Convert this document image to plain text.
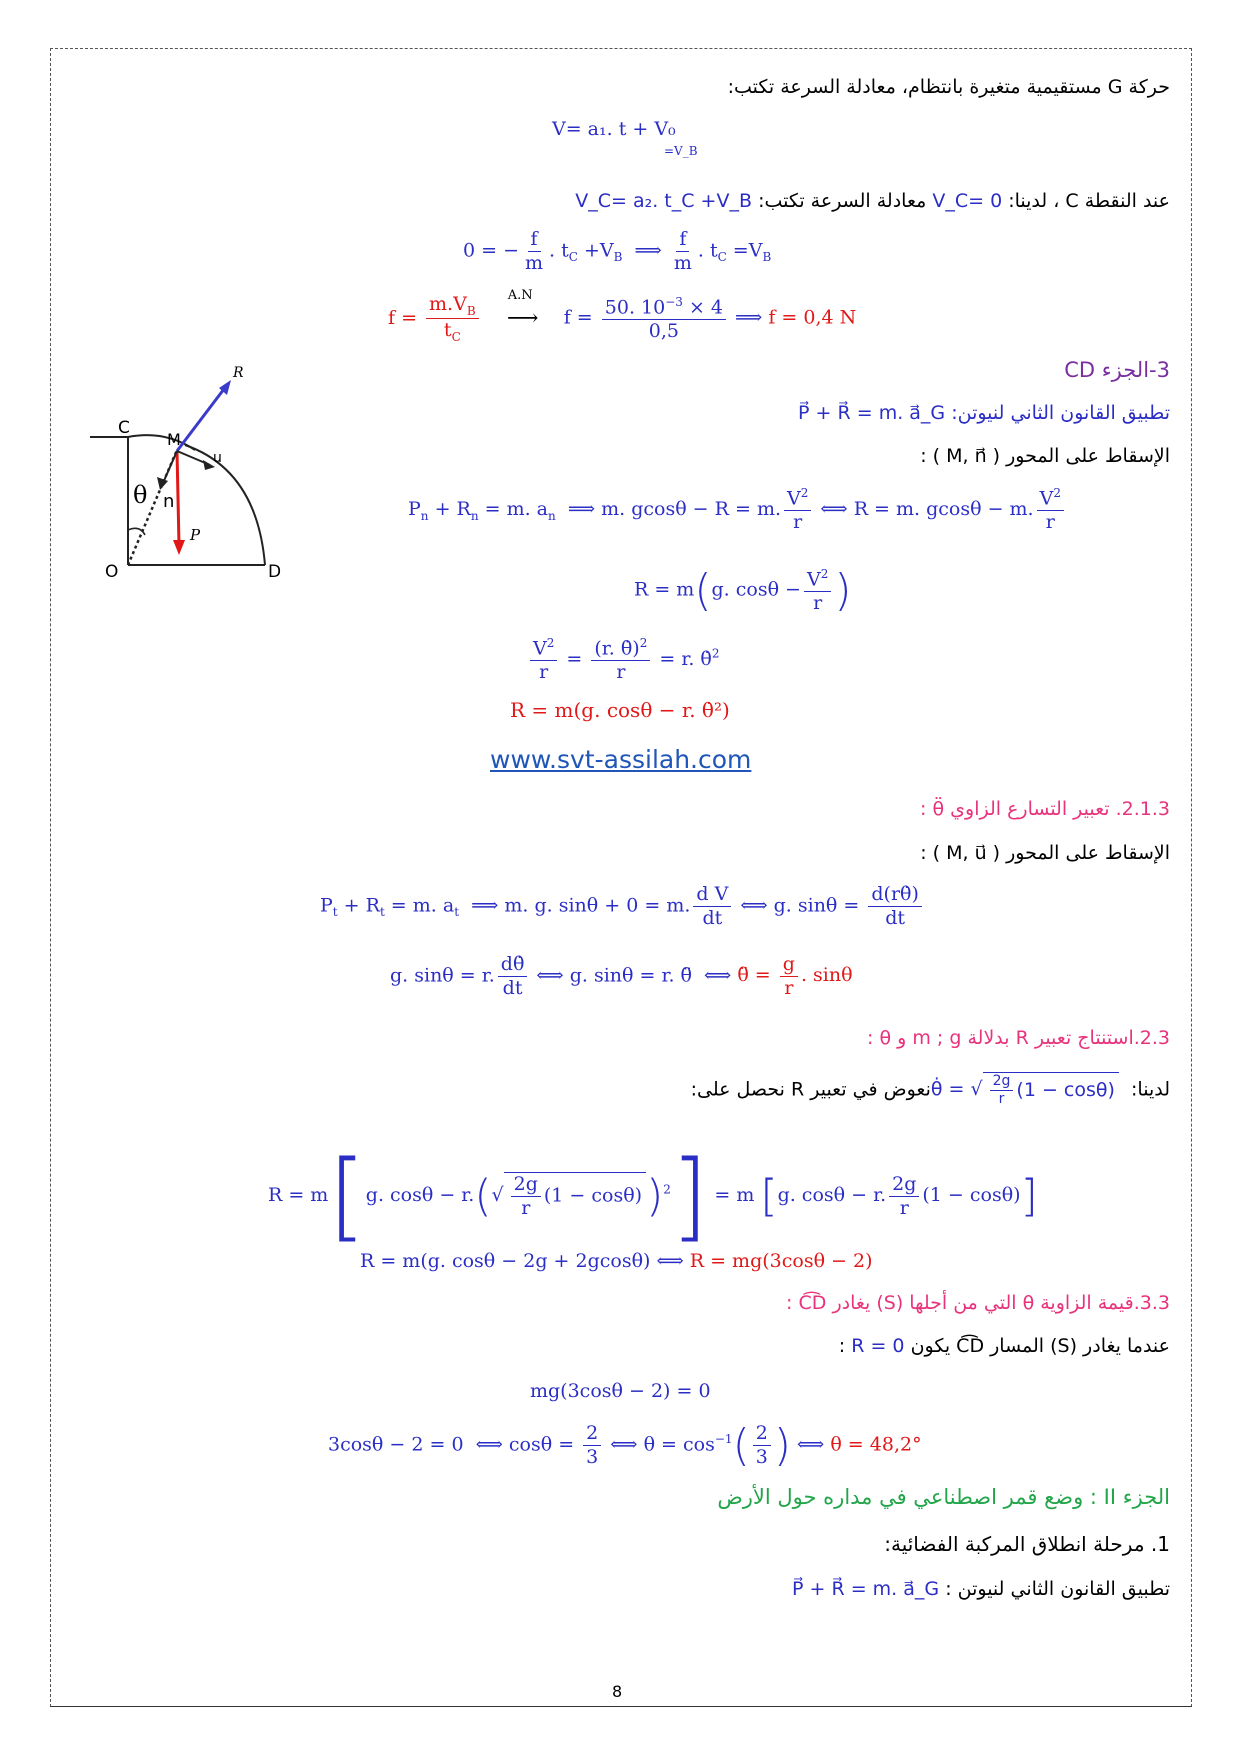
حركة G مستقيمية متغيرة بانتظام، معادلة السرعة تكتب:
V= a₁. t + V₀
=V_B
عند النقطة C ، لدينا: V_C= 0 معادلة السرعة تكتب: V_C= a₂. t_C +V_B
0 = − $\frac{f}{m}$ . $t_C +V_B$  ⟹ $\frac{f}{m}$ . $t_C =V_B$
$f = \frac{m.V_B}{t_C}$
A.N
⟶ $f = \frac{50. 10^{-3} \times 4}{0,5}$ ⟹ f = 0,4 N
3-الجزء CD
تطبيق القانون الثاني لنيوتن: P⃗ + R⃗ = m. a⃗_G
الإسقاط على المحور ( M, n⃗ ) :
C
M
O	D
R
u
n
θ
P
$P_n + R_n = m$. $a_n$  ⟹ m. gcosθ − R = m. $\frac{V^2}{r}$ ⟺ R = m. gcosθ − m. $\frac{V^2}{r}$
R = m(g. $\cos\theta - \frac{V^2}{r}$ )
$\frac{V^2}{r} = \frac{(r. \thetȧ)^2}{r} = r$. θ̇$^2$
R = m(g. cosθ − r. θ̇²)
www.svt-assilah.com
2.1.3. تعبير التسارع الزاوي θ̈ :
الإسقاط على المحور ( M, u⃗ ) :
$P_t + R_t = m$. $a_t$  ⟹ m. g. sinθ + 0 = m. $\frac{\text{d V}}{dt}$ ⟺ g. $\sin\theta = \frac{d(r\thetȧ)}{dt}$
g. sinθ = r. $\frac{d\thetȧ}{dt}$ ⟺ g. sinθ = r. θ̈  ⟺ θ̈ = $\frac{g}{r}$ . sinθ
2.3.استنتاج تعبير R بدلالة m ; g و θ :
لدينا: θ̇ = √ $\frac{2g}{r} (1 - \cos\theta)$ نعوض في تعبير R نحصل على:
R = m[g. $\cos\theta - r.(√ \frac{2g}{r} (1 - \cos\theta))^2] = m$ [g. cosθ − r. $\frac{2g}{r} (1 - \cos\theta)$]
R = m(g. cosθ − 2g + 2gcosθ) ⟺ R = mg(3cosθ − 2)
3.3.قيمة الزاوية θ التي من أجلها (S) يغادر C͡D :
عندما يغادر (S) المسار C͡D يكون R = 0 :
mg(3cosθ − 2) = 0
3cosθ − 2 = 0  ⟺ $\cos\theta = \frac{2}{3}$ ⟺ $\theta = \cos^{-1}( \frac{2}{3}$ ) ⟺ θ = 48,2°
الجزء II : وضع قمر اصطناعي في مداره حول الأرض
1. مرحلة انطلاق المركبة الفضائية:
تطبيق القانون الثاني لنيوتن : P⃗ + R⃗ = m. a⃗_G
8
